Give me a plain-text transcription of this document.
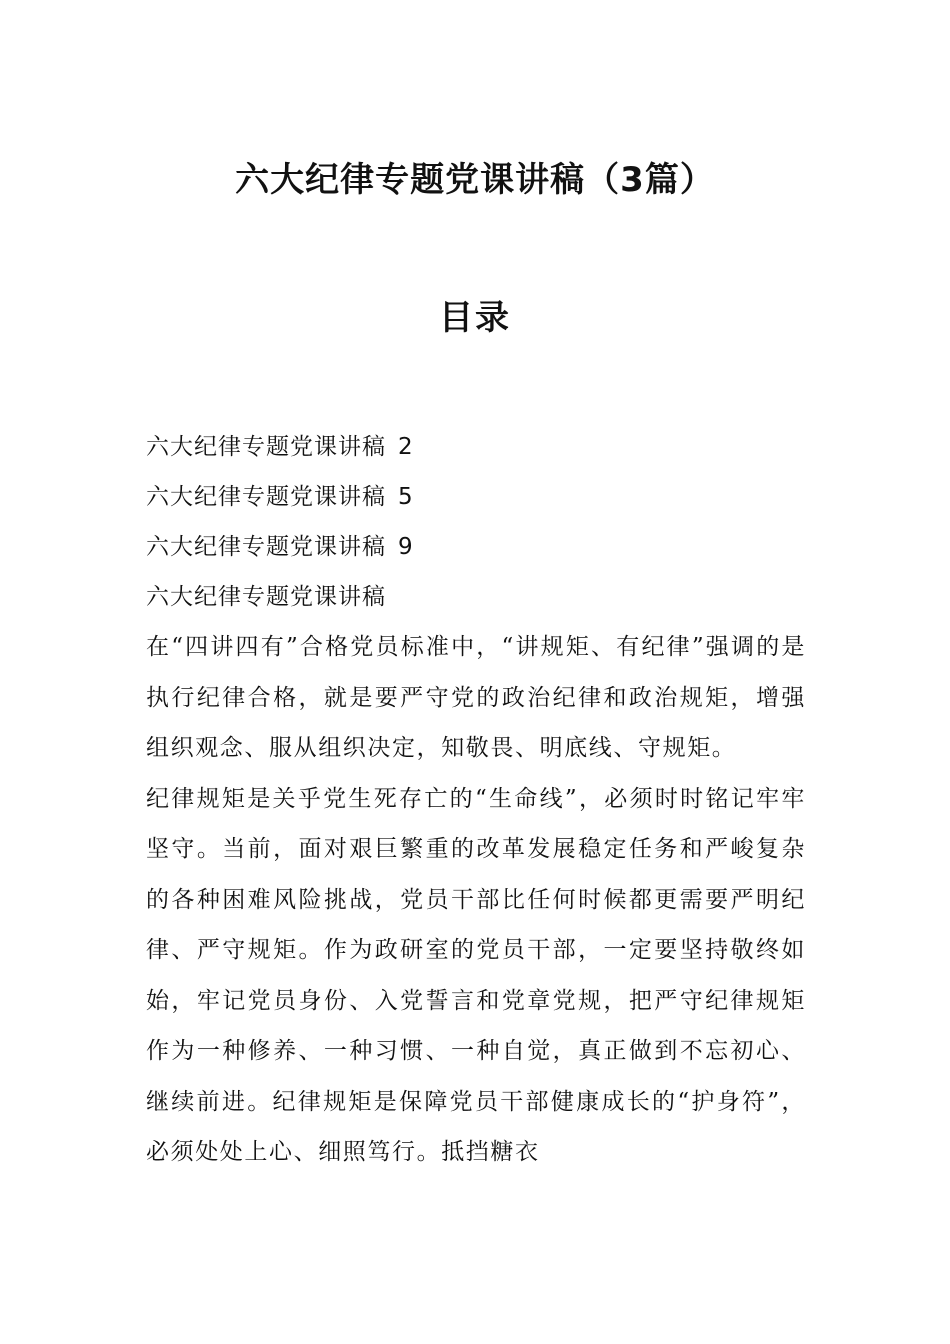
六大纪律专题党课讲稿（3篇）
目录
六大纪律专题党课讲稿 2
六大纪律专题党课讲稿 5
六大纪律专题党课讲稿 9
六大纪律专题党课讲稿

在“四讲四有”合格党员标准中，“讲规矩、有纪律”强调的是执行纪律合格，就是要严守党的政治纪律和政治规矩，增强组织观念、服从组织决定，知敬畏、明底线、守规矩。

纪律规矩是关乎党生死存亡的“生命线”，必须时时铭记牢牢坚守。当前，面对艰巨繁重的改革发展稳定任务和严峻复杂的各种困难风险挑战，党员干部比任何时候都更需要严明纪律、严守规矩。作为政研室的党员干部，一定要坚持敬终如始，牢记党员身份、入党誓言和党章党规，把严守纪律规矩作为一种修养、一种习惯、一种自觉，真正做到不忘初心、继续前进。纪律规矩是保障党员干部健康成长的“护身符”，必须处处上心、细照笃行。抵挡糖衣
